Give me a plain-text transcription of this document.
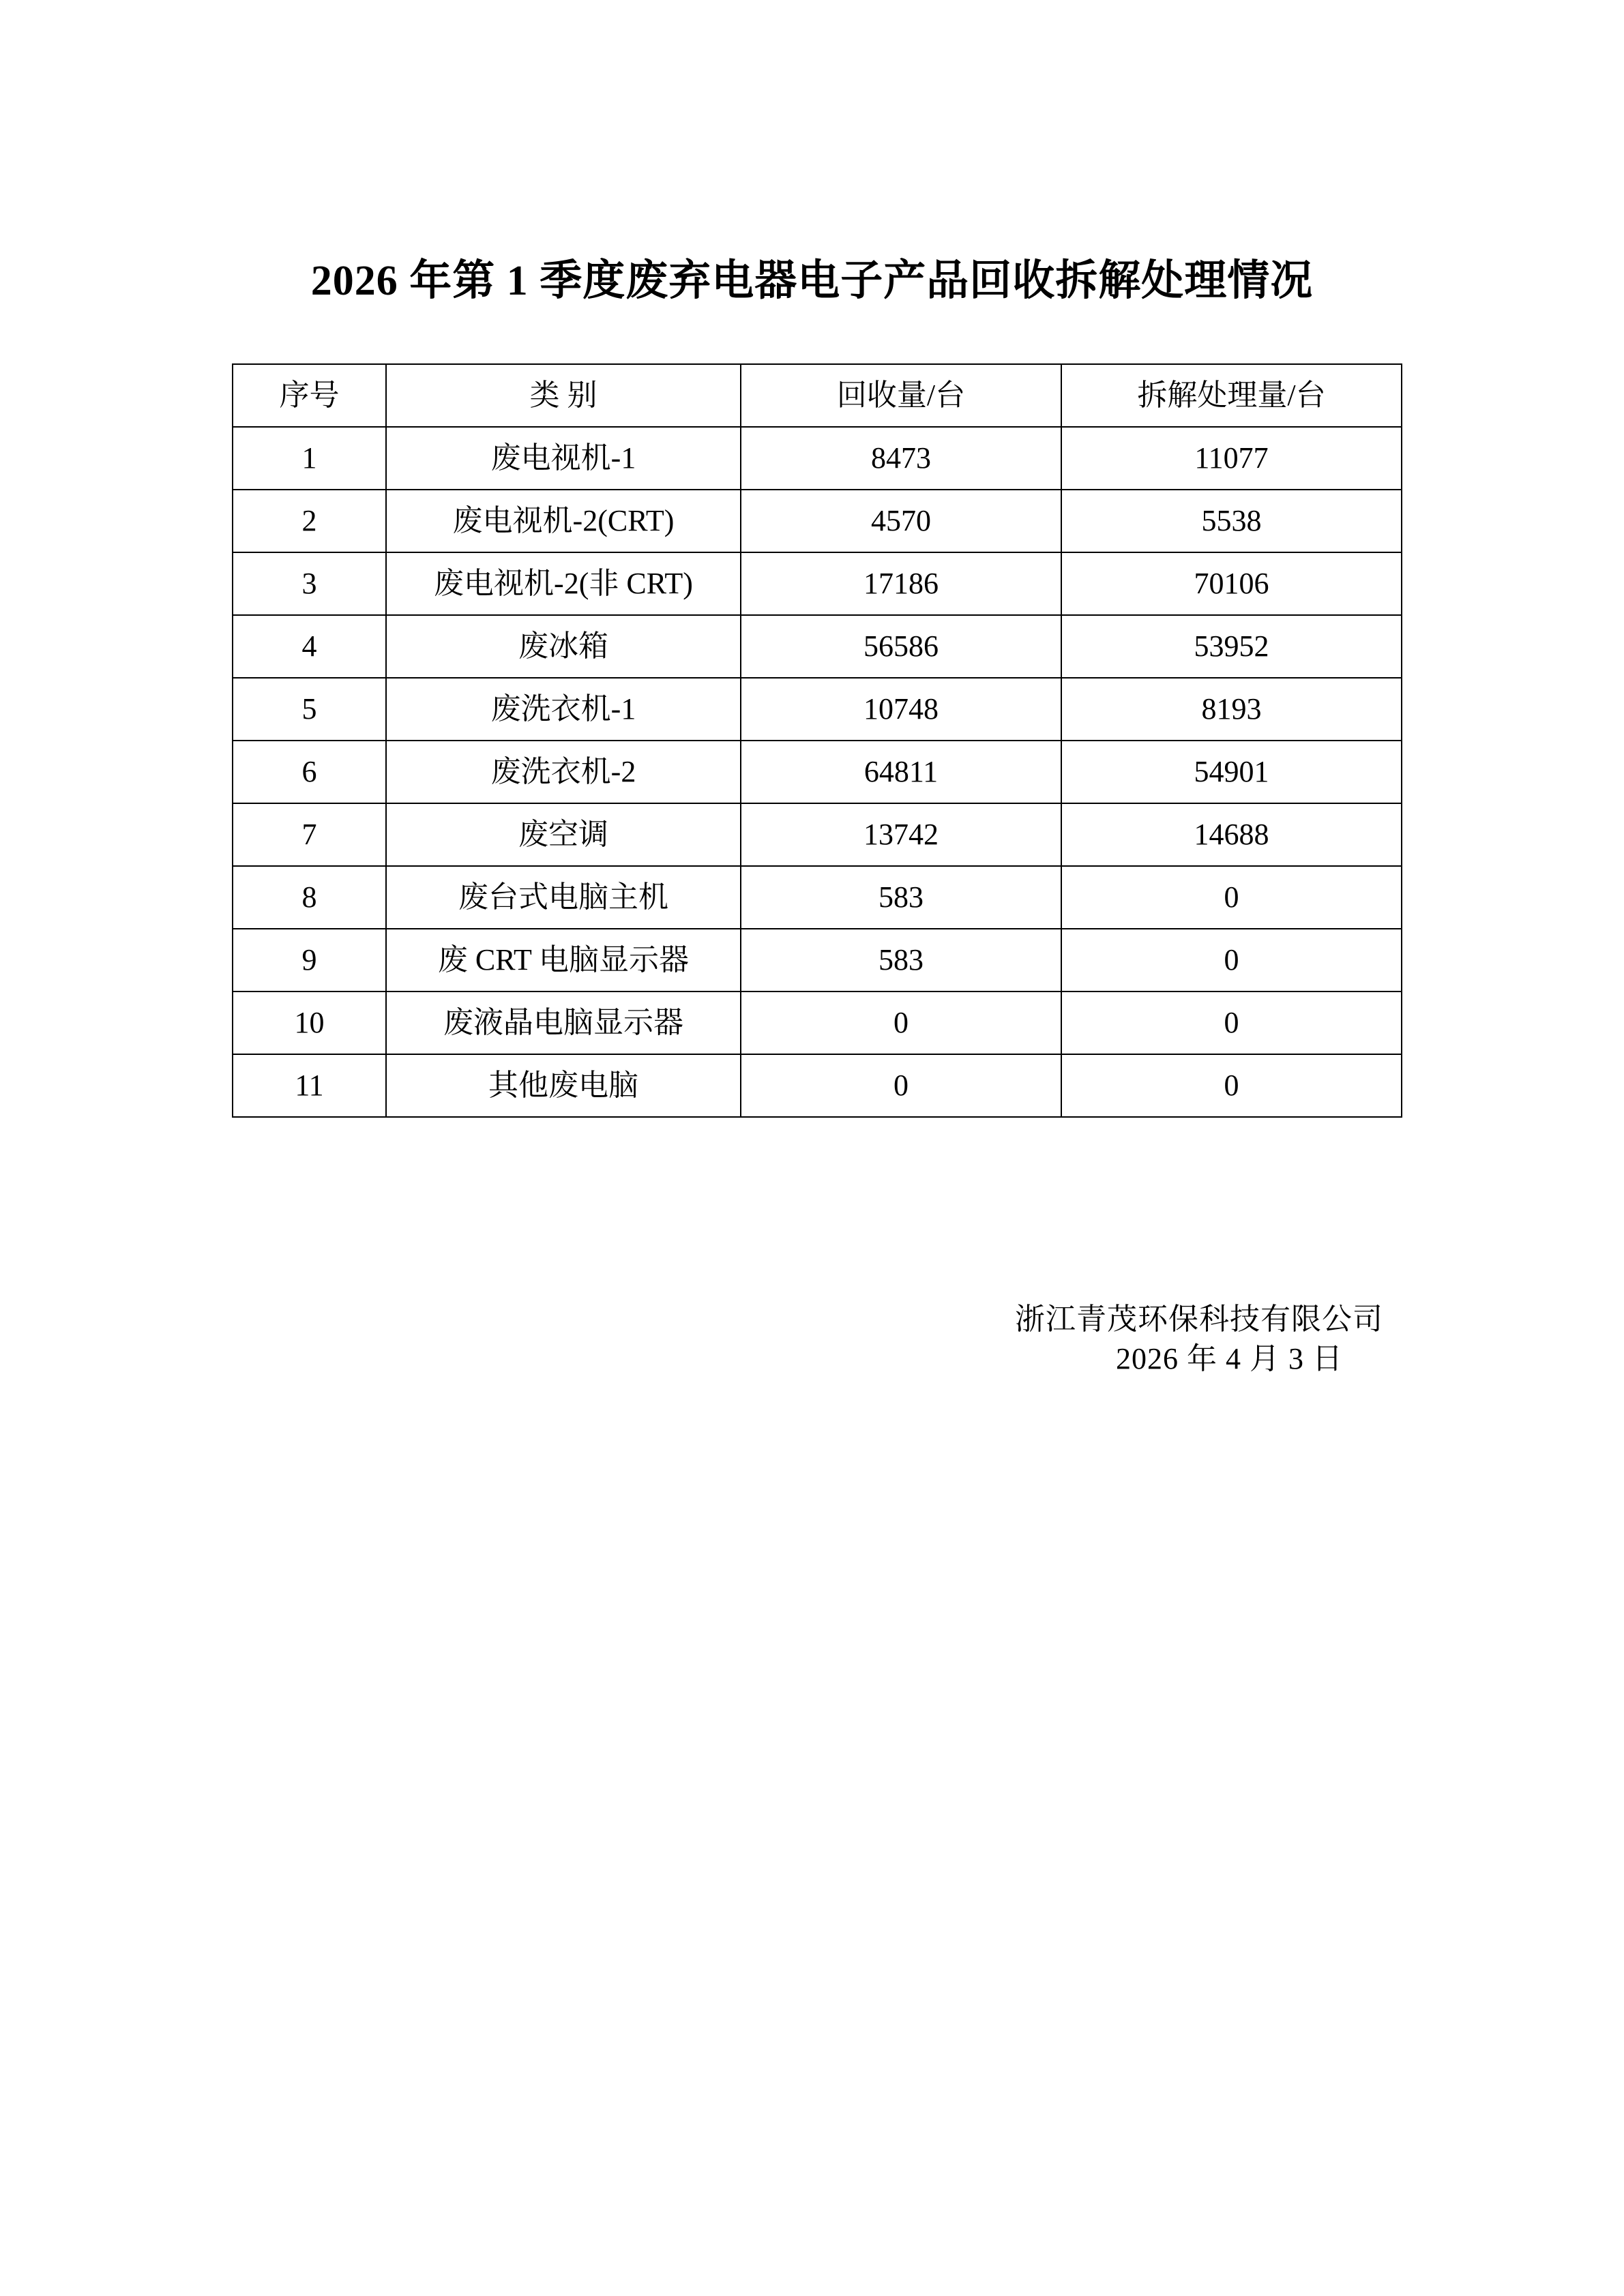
2026 年第 1 季度废弃电器电子产品回收拆解处理情况
序号	类 别	回收量/台	拆解处理量/台
1	废电视机-1	8473	11077
2	废电视机-2(CRT)	4570	5538
3	废电视机-2(非 CRT)	17186	70106
4	废冰箱	56586	53952
5	废洗衣机-1	10748	8193
6	废洗衣机-2	64811	54901
7	废空调	13742	14688
8	废台式电脑主机	583	0
9	废 CRT 电脑显示器	583	0
10	废液晶电脑显示器	0	0
11	其他废电脑	0	0
浙江青茂环保科技有限公司
2026 年 4 月 3 日
